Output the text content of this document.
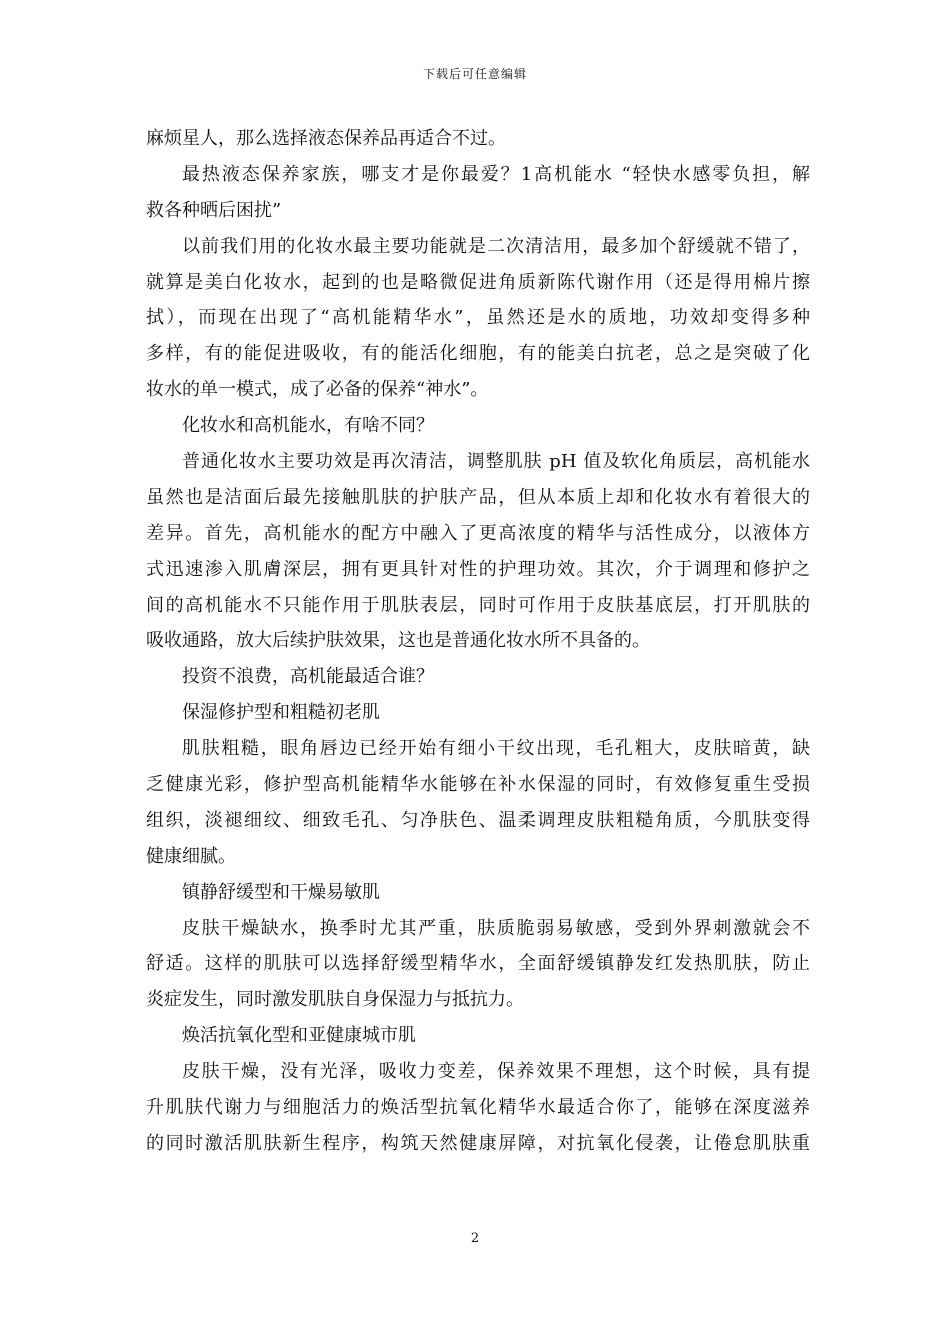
下载后可任意编辑
麻烦星人，那么选择液态保养品再适合不过。
最热液态保养家族，哪支才是你最爱？1高机能水 “轻快水感零负担，解
救各种晒后困扰”
以前我们用的化妆水最主要功能就是二次清洁用，最多加个舒缓就不错了，
就算是美白化妆水，起到的也是略微促进角质新陈代谢作用（还是得用棉片擦
拭），而现在出现了“高机能精华水”，虽然还是水的质地，功效却变得多种
多样，有的能促进吸收，有的能活化细胞，有的能美白抗老，总之是突破了化
妆水的单一模式，成了必备的保养“神水”。
化妆水和高机能水，有啥不同？
普通化妆水主要功效是再次清洁，调整肌肤 pH 值及软化角质层，高机能水
虽然也是洁面后最先接触肌肤的护肤产品，但从本质上却和化妆水有着很大的
差异。首先，高机能水的配方中融入了更高浓度的精华与活性成分，以液体方
式迅速渗入肌膚深层，拥有更具针对性的护理功效。其次，介于调理和修护之
间的高机能水不只能作用于肌肤表层，同时可作用于皮肤基底层，打开肌肤的
吸收通路，放大后续护肤效果，这也是普通化妆水所不具备的。
投资不浪费，高机能最适合谁？
保湿修护型和粗糙初老肌
肌肤粗糙，眼角唇边已经开始有细小干纹出现，毛孔粗大，皮肤暗黄，缺
乏健康光彩，修护型高机能精华水能够在补水保湿的同时，有效修复重生受损
组织，淡褪细纹、细致毛孔、匀净肤色、温柔调理皮肤粗糙角质，今肌肤变得
健康细腻。
镇静舒缓型和干燥易敏肌
皮肤干燥缺水，换季时尤其严重，肤质脆弱易敏感，受到外界刺激就会不
舒适。这样的肌肤可以选择舒缓型精华水，全面舒缓镇静发红发热肌肤，防止
炎症发生，同时激发肌肤自身保湿力与抵抗力。
焕活抗氧化型和亚健康城市肌
皮肤干燥，没有光泽，吸收力变差，保养效果不理想，这个时候，具有提
升肌肤代谢力与细胞活力的焕活型抗氧化精华水最适合你了，能够在深度滋养
的同时激活肌肤新生程序，构筑天然健康屏障，对抗氧化侵袭，让倦怠肌肤重
2
